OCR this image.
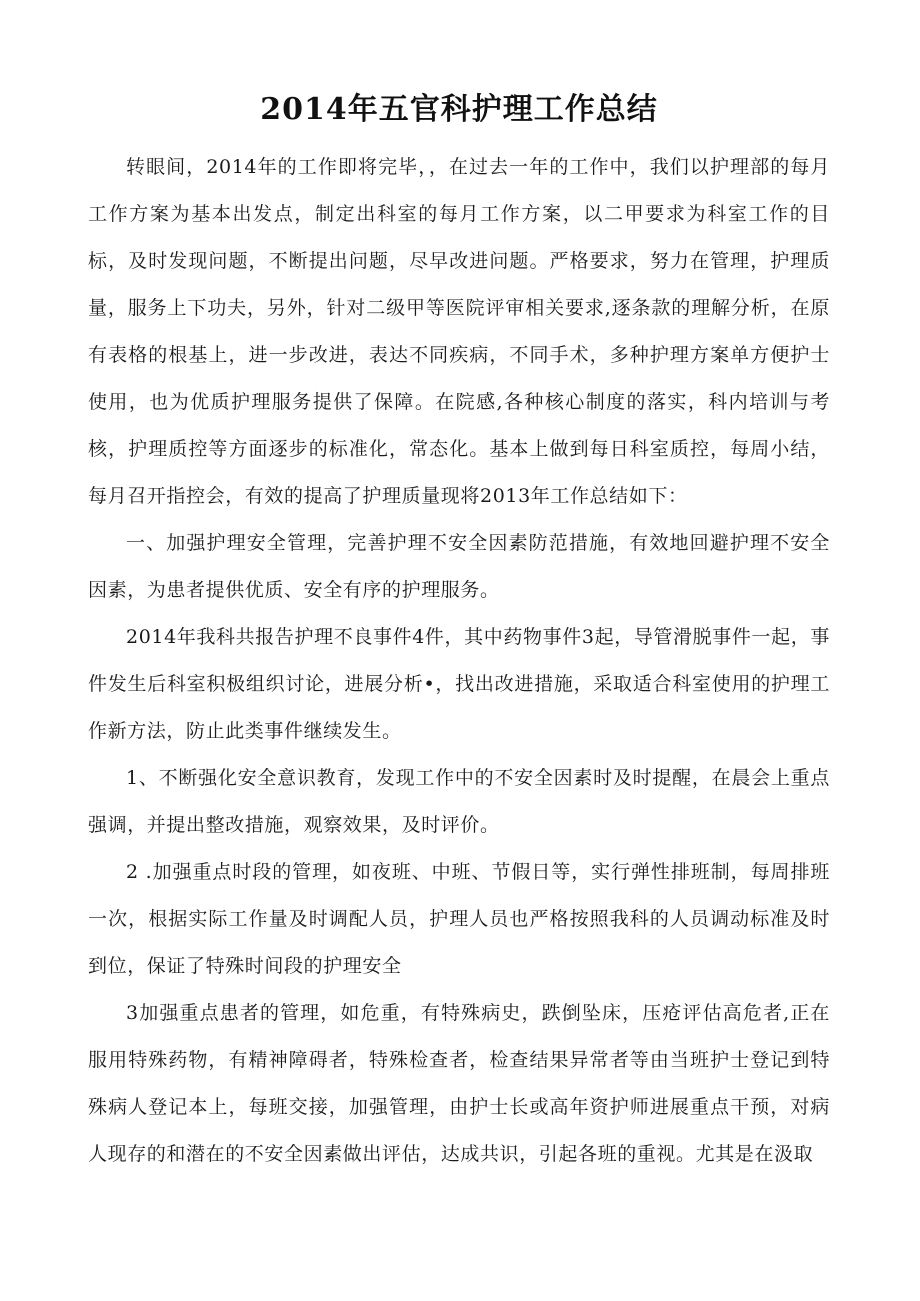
2014年五官科护理工作总结

转眼间，2014年的工作即将完毕，，在过去一年的工作中，我们以护理部的每月工作方案为基本出发点，制定出科室的每月工作方案，以二甲要求为科室工作的目标，及时发现问题，不断提出问题，尽早改进问题。严格要求，努力在管理，护理质量，服务上下功夫，另外，针对二级甲等医院评审相关要求,逐条款的理解分析，在原有表格的根基上，进一步改进，表达不同疾病，不同手术，多种护理方案单方便护士使用，也为优质护理服务提供了保障。在院感,各种核心制度的落实，科内培训与考核，护理质控等方面逐步的标准化，常态化。基本上做到每日科室质控，每周小结，每月召开指控会，有效的提高了护理质量现将2013年工作总结如下：

一、加强护理安全管理，完善护理不安全因素防范措施，有效地回避护理不安全因素，为患者提供优质、安全有序的护理服务。

2014年我科共报告护理不良事件4件，其中药物事件3起，导管滑脱事件一起，事件发生后科室积极组织讨论，进展分析•，找出改进措施，采取适合科室使用的护理工作新方法，防止此类事件继续发生。

1、不断强化安全意识教育，发现工作中的不安全因素时及时提醒，在晨会上重点强调，并提出整改措施，观察效果，及时评价。

2 .加强重点时段的管理，如夜班、中班、节假日等，实行弹性排班制，每周排班一次，根据实际工作量及时调配人员，护理人员也严格按照我科的人员调动标准及时到位，保证了特殊时间段的护理安全

3加强重点患者的管理，如危重，有特殊病史，跌倒坠床，压疮评估高危者,正在服用特殊药物，有精神障碍者，特殊检查者，检查结果异常者等由当班护士登记到特殊病人登记本上，每班交接，加强管理，由护士长或高年资护师进展重点干预，对病人现存的和潜在的不安全因素做出评估，达成共识，引起各班的重视。尤其是在汲取
